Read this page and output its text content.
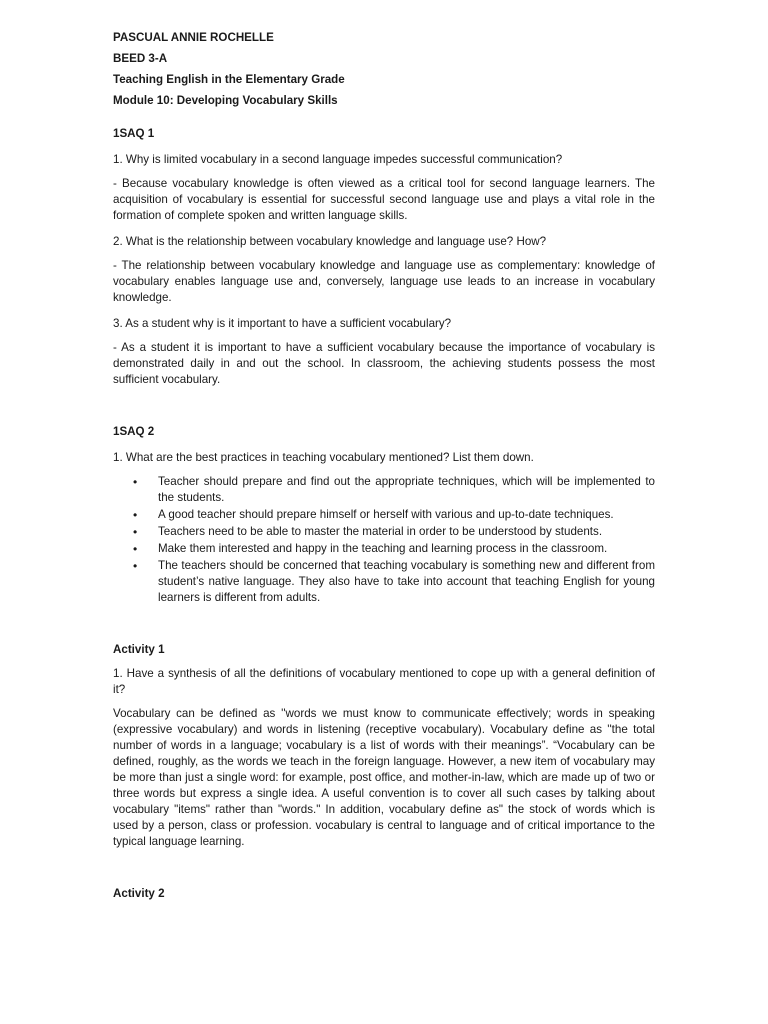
PASCUAL ANNIE ROCHELLE

BEED 3-A

Teaching English in the Elementary Grade

Module 10: Developing Vocabulary Skills

1SAQ 1
1. Why is limited vocabulary in a second language impedes successful communication?
- Because vocabulary knowledge is often viewed as a critical tool for second language learners. The acquisition of vocabulary is essential for successful second language use and plays a vital role in the formation of complete spoken and written language skills.
2. What is the relationship between vocabulary knowledge and language use? How?
- The relationship between vocabulary knowledge and language use as complementary: knowledge of vocabulary enables language use and, conversely, language use leads to an increase in vocabulary knowledge.
3. As a student why is it important to have a sufficient vocabulary?
- As a student it is important to have a sufficient vocabulary because the importance of vocabulary is demonstrated daily in and out the school. In classroom, the achieving students possess the most sufficient vocabulary.
1SAQ 2
1. What are the best practices in teaching vocabulary mentioned? List them down.
• Teacher should prepare and find out the appropriate techniques, which will be implemented to the students.
• A good teacher should prepare himself or herself with various and up-to-date techniques.
• Teachers need to be able to master the material in order to be understood by students.
• Make them interested and happy in the teaching and learning process in the classroom.
• The teachers should be concerned that teaching vocabulary is something new and different from student’s native language. They also have to take into account that teaching English for young learners is different from adults.
Activity 1
1. Have a synthesis of all the definitions of vocabulary mentioned to cope up with a general definition of it?
Vocabulary can be defined as ''words we must know to communicate effectively; words in speaking (expressive vocabulary) and words in listening (receptive vocabulary). Vocabulary define as ''the total number of words in a language; vocabulary is a list of words with their meanings”. “Vocabulary can be defined, roughly, as the words we teach in the foreign language. However, a new item of vocabulary may be more than just a single word: for example, post office, and mother-in-law, which are made up of two or three words but express a single idea. A useful convention is to cover all such cases by talking about vocabulary "items" rather than "words." In addition, vocabulary define as" the stock of words which is used by a person, class or profession. vocabulary is central to language and of critical importance to the typical language learning.
Activity 2
